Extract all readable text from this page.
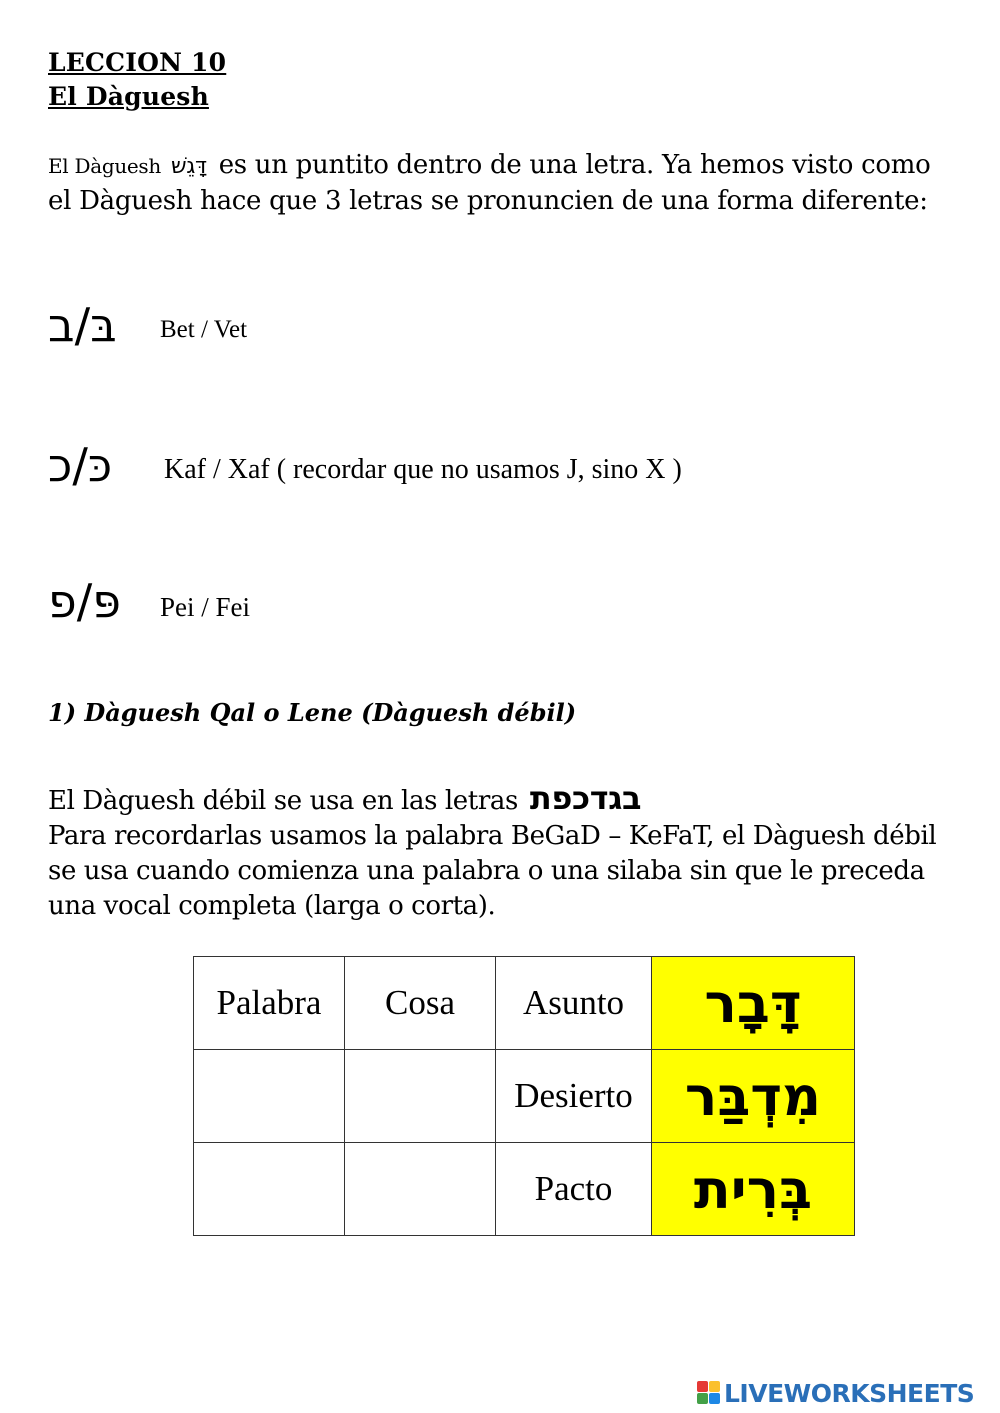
LECCION 10
El Dàguesh
El Dàguesh דָּגֵשׁ es un puntito dentro de una letra. Ya hemos visto como el Dàguesh hace que 3 letras se pronuncien de una forma diferente:
בּ/ב Bet / Vet
כּ/כ Kaf / Xaf ( recordar que no usamos J, sino X )
פּ/פ Pei / Fei
1) Dàguesh Qal o Lene (Dàguesh débil)
El Dàguesh débil se usa en las letras בגדכפת
Para recordarlas usamos la palabra BeGaD – KeFaT, el Dàguesh débil se usa cuando comienza una palabra o una silaba sin que le preceda una vocal completa (larga o corta).
Palabra	Cosa	Asunto	דָּבָר
		Desierto	מִדְבַּר
		Pacto	בְּרִית
LIVEWORKSHEETS
